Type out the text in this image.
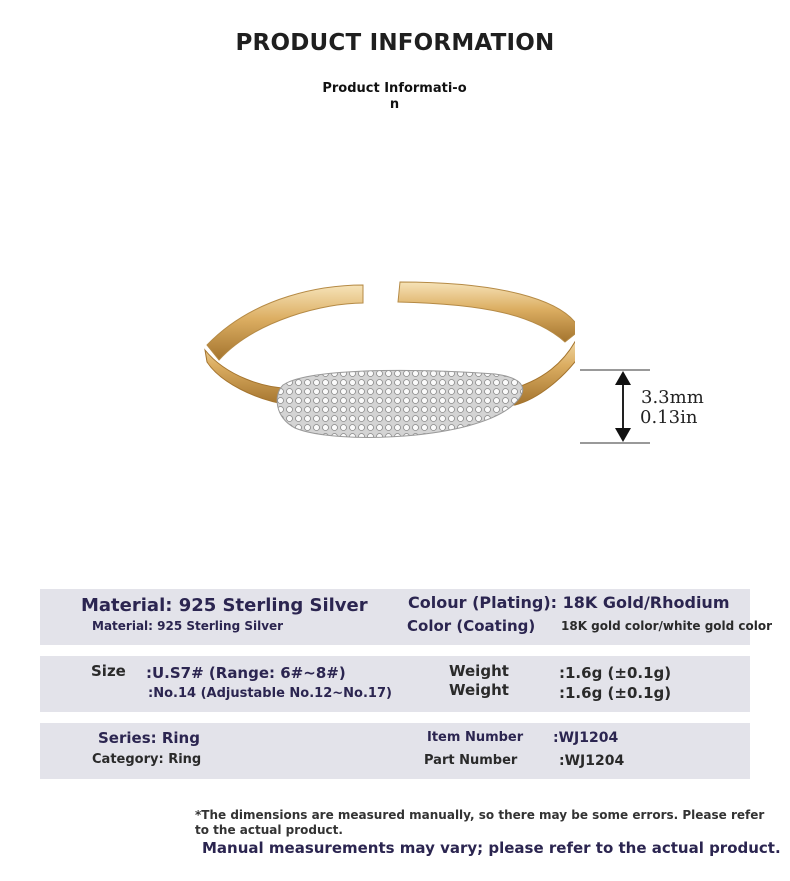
PRODUCT INFORMATION
Product Informati-on
3.3mm
0.13in
Material: 925 Sterling Silver
Material: 925 Sterling Silver
Colour (Plating): 18K Gold/Rhodium
Color (Coating) 18K gold color/white gold color
Size :U.S7# (Range: 6#~8#)
:No.14 (Adjustable No.12~No.17)
Weight
Weight
:1.6g (±0.1g)
:1.6g (±0.1g)
Series: Ring
Category: Ring
Item Number :WJ1204
Part Number	:WJ1204
*The dimensions are measured manually, so there may be some errors. Please refer to the actual product.
Manual measurements may vary; please refer to the actual product.
